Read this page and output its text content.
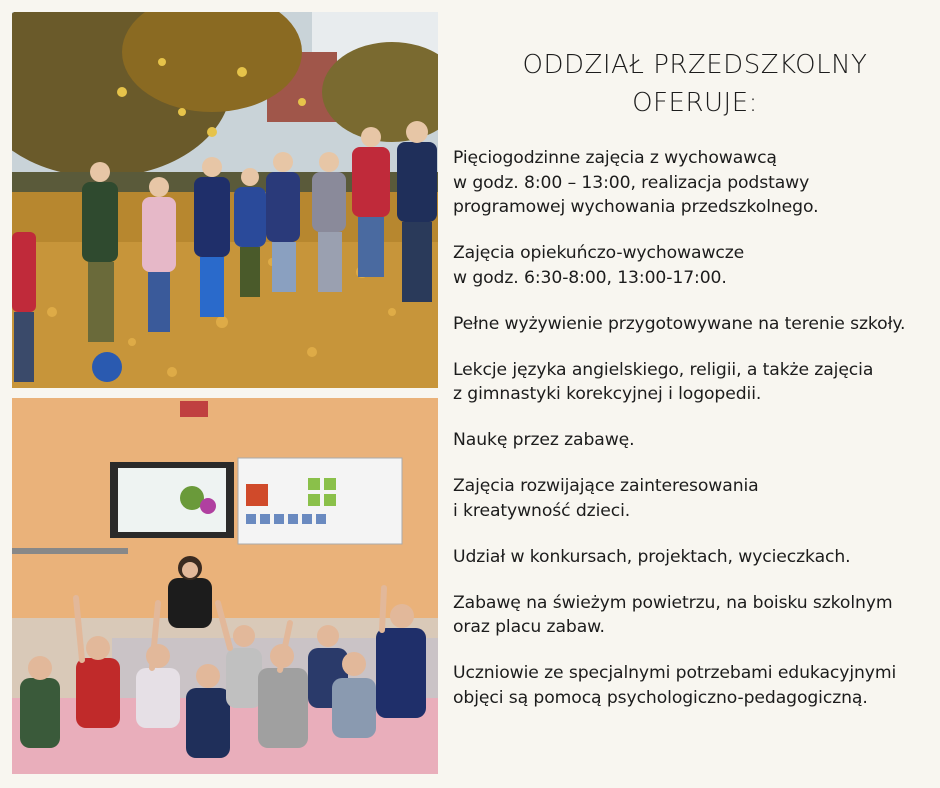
ODDZIAŁ PRZEDSZKOLNY
OFERUJE:

Pięciogodzinne zajęcia z wychowawcą
w godz. 8:00 – 13:00, realizacja podstawy
programowej wychowania przedszkolnego.

Zajęcia opiekuńczo-wychowawcze
w godz. 6:30-8:00, 13:00-17:00.

Pełne wyżywienie przygotowywane na terenie szkoły.

Lekcje języka angielskiego, religii, a także zajęcia
z gimnastyki korekcyjnej i logopedii.

Naukę przez zabawę.

Zajęcia rozwijające zainteresowania
i kreatywność dzieci.

Udział w konkursach, projektach, wycieczkach.

Zabawę na świeżym powietrzu, na boisku szkolnym
oraz placu zabaw.

Uczniowie ze specjalnymi potrzebami edukacyjnymi
objęci są pomocą psychologiczno-pedagogiczną.
